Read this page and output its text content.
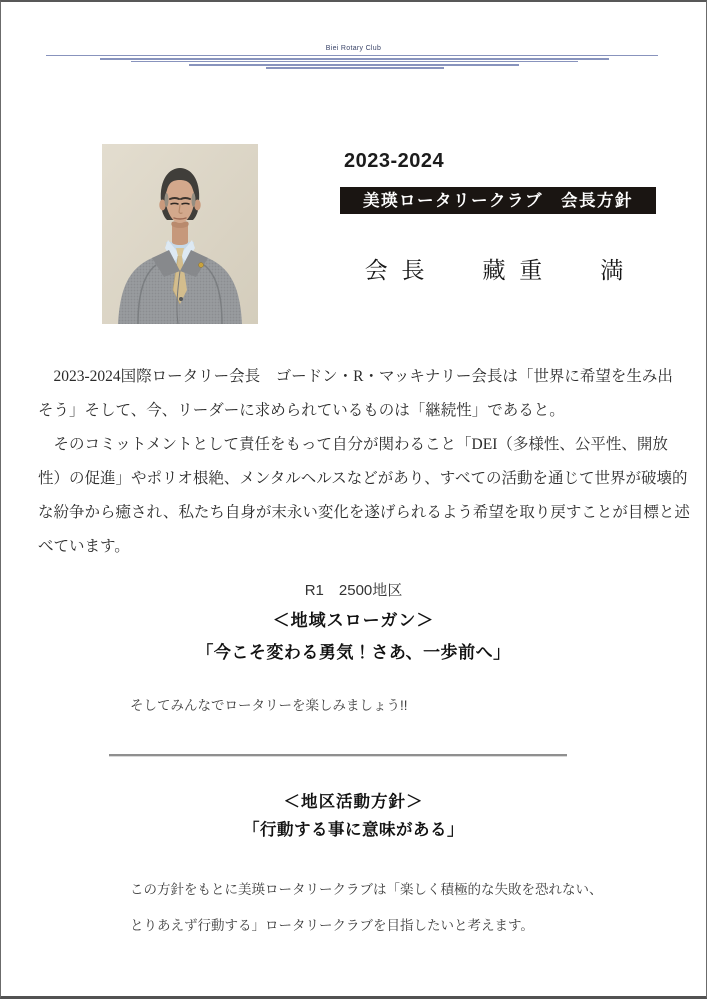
Biei Rotary Club
2023-2024
美瑛ロータリークラブ　会長方針
会 長　　藏 重　　満
　2023-2024国際ロータリー会長　ゴードン・R・マッキナリー会長は「世界に希望を生み出
そう」そして、今、リーダーに求められているものは「継続性」であると。
　そのコミットメントとして責任をもって自分が関わること「DEI（多様性、公平性、開放
性）の促進」やポリオ根絶、メンタルヘルスなどがあり、すべての活動を通じて世界が破壊的
な紛争から癒され、私たち自身が末永い変化を遂げられるよう希望を取り戻すことが目標と述
べています。
R1　2500地区
＜地域スローガン＞
「今こそ変わる勇気！さあ、一歩前へ」
そしてみんなでロータリーを楽しみましょう!!
＜地区活動方針＞
「行動する事に意味がある」
この方針をもとに美瑛ロータリークラブは「楽しく積極的な失敗を恐れない、
とりあえず行動する」ロータリークラブを目指したいと考えます。
